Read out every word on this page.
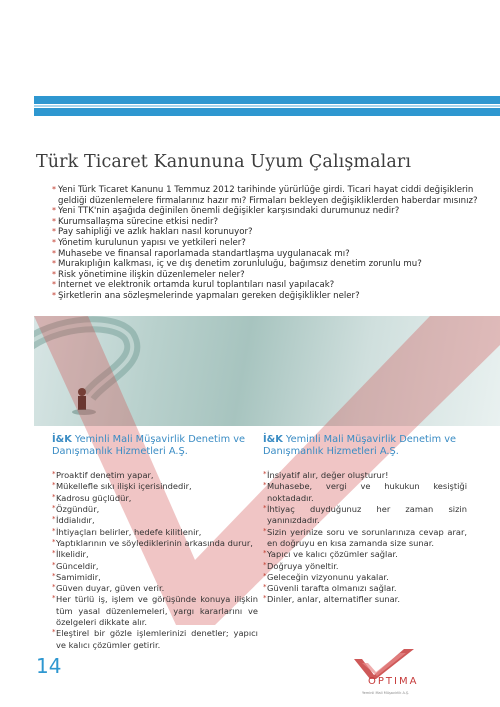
Türk Ticaret Kanununa Uyum Çalışmaları
* Yeni Türk Ticaret Kanunu 1 Temmuz 2012 tarihinde yürürlüğe girdi. Ticari hayat ciddi değişiklerin geldiği düzenlemelere firmalarınız hazır mı? Firmaları bekleyen değişikliklerden haberdar mısınız?
* Yeni TTK'nin aşağıda değinilen önemli değişikler karşısındaki durumunuz nedir?
* Kurumsallaşma sürecine etkisi nedir?
* Pay sahipliği ve azlık hakları nasıl korunuyor?
* Yönetim kurulunun yapısı ve yetkileri neler?
* Muhasebe ve finansal raporlamada standartlaşma uygulanacak mı?
* Murakıplığın kalkması, iç ve dış denetim zorunluluğu, bağımsız denetim zorunlu mu?
* Risk yönetimine ilişkin düzenlemeler neler?
* İnternet ve elektronik ortamda kurul toplantıları nasıl yapılacak?
* Şirketlerin ana sözleşmelerinde yapmaları gereken değişiklikler neler?
İ&K Yeminli Mali Müşavirlik Denetim ve Danışmanlık Hizmetleri A.Ş.
* Proaktif denetim yapar,
* Mükellefle sıkı ilişki içerisindedir,
* Kadrosu güçlüdür,
* Özgündür,
* İddialıdır,
* İhtiyaçları belirler, hedefe kilitlenir,
* Yaptıklarının ve söylediklerinin arkasında durur,
* İlkelidir,
* Günceldir,
* Samimidir,
* Güven duyar, güven verir.
* Her türlü iş, işlem ve görüşünde konuya ilişkin tüm yasal düzenlemeleri, yargı kararlarını ve özelgeleri dikkate alır.
* Eleştirel bir gözle işlemlerinizi denetler; yapıcı ve kalıcı çözümler getirir.
İ&K Yeminli Mali Müşavirlik Denetim ve Danışmanlık Hizmetleri A.Ş.
* İnsiyatif alır, değer oluşturur!
* Muhasebe, vergi ve hukukun kesiştiği noktadadır.
* İhtiyaç duyduğunuz her zaman sizin yanınızdadır.
* Sizin yerinize soru ve sorunlarınıza cevap arar, en doğruyu en kısa zamanda size sunar.
* Yapıcı ve kalıcı çözümler sağlar.
* Doğruya yöneltir.
* Geleceğin vizyonunu yakalar.
* Güvenli tarafta olmanızı sağlar.
* Dinler, anlar, alternatifler sunar.
14
OPTIMA
Yeminli Mali Müşavirlik A.Ş.
